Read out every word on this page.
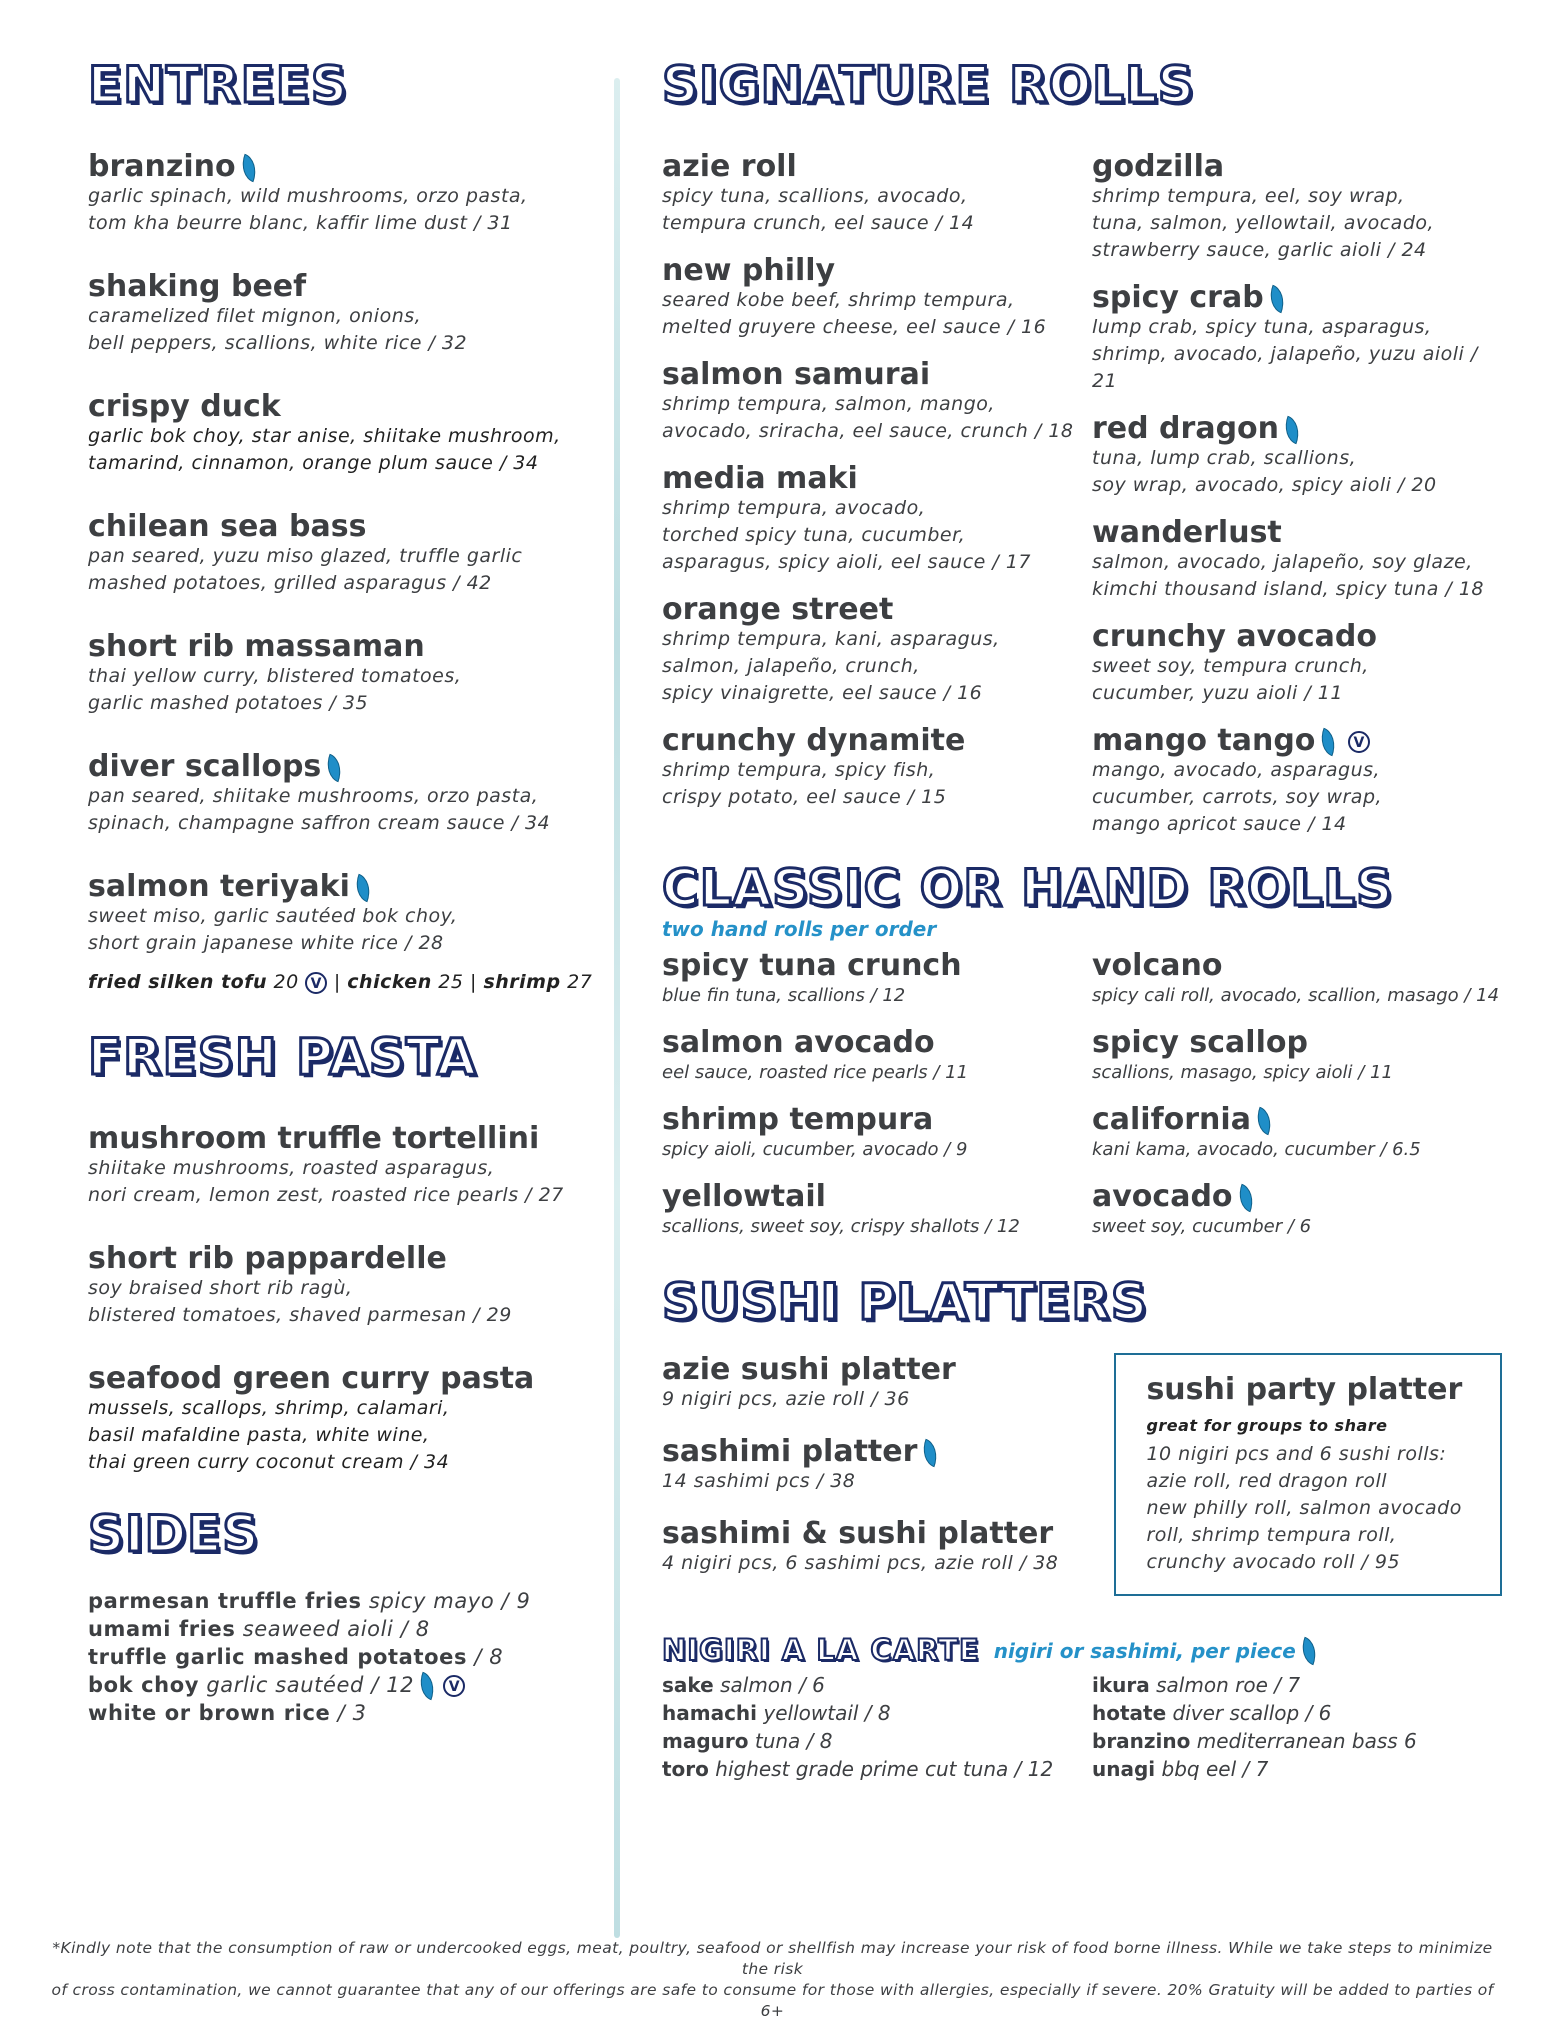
ENTREES
branzino
garlic spinach, wild mushrooms, orzo pasta,
tom kha beurre blanc, kaffir lime dust / 31
shaking beef
caramelized filet mignon, onions,
bell peppers, scallions, white rice / 32
crispy duck
garlic bok choy, star anise, shiitake mushroom,
tamarind, cinnamon, orange plum sauce / 34
chilean sea bass
pan seared, yuzu miso glazed, truffle garlic
mashed potatoes, grilled asparagus / 42
short rib massaman
thai yellow curry, blistered tomatoes,
garlic mashed potatoes / 35
diver scallops
pan seared, shiitake mushrooms, orzo pasta,
spinach, champagne saffron cream sauce / 34
salmon teriyaki
sweet miso, garlic sautéed bok choy,
short grain japanese white rice / 28
fried silken tofu 20 V | chicken 25 | shrimp 27
FRESH PASTA
mushroom truffle tortellini
shiitake mushrooms, roasted asparagus,
nori cream, lemon zest, roasted rice pearls / 27
short rib pappardelle
soy braised short rib ragù,
blistered tomatoes, shaved parmesan / 29
seafood green curry pasta
mussels, scallops, shrimp, calamari,
basil mafaldine pasta, white wine,
thai green curry coconut cream / 34
SIDES
parmesan truffle fries spicy mayo / 9
umami fries seaweed aioli / 8
truffle garlic mashed potatoes / 8
bok choy garlic sautéed / 12 V
white or brown rice / 3
SIGNATURE ROLLS
azie roll
spicy tuna, scallions, avocado,
tempura crunch, eel sauce / 14
new philly
seared kobe beef, shrimp tempura,
melted gruyere cheese, eel sauce / 16
salmon samurai
shrimp tempura, salmon, mango,
avocado, sriracha, eel sauce, crunch / 18
media maki
shrimp tempura, avocado,
torched spicy tuna, cucumber,
asparagus, spicy aioli, eel sauce / 17
orange street
shrimp tempura, kani, asparagus,
salmon, jalapeño, crunch,
spicy vinaigrette, eel sauce / 16
crunchy dynamite
shrimp tempura, spicy fish,
crispy potato, eel sauce / 15
godzilla
shrimp tempura, eel, soy wrap,
tuna, salmon, yellowtail, avocado,
strawberry sauce, garlic aioli / 24
spicy crab
lump crab, spicy tuna, asparagus,
shrimp, avocado, jalapeño, yuzu aioli / 21
red dragon
tuna, lump crab, scallions,
soy wrap, avocado, spicy aioli / 20
wanderlust
salmon, avocado, jalapeño, soy glaze,
kimchi thousand island, spicy tuna / 18
crunchy avocado
sweet soy, tempura crunch,
cucumber, yuzu aioli / 11
mango tango	V
mango, avocado, asparagus,
cucumber, carrots, soy wrap,
mango apricot sauce / 14
CLASSIC OR HAND ROLLS
two hand rolls per order
spicy tuna crunch
blue fin tuna, scallions / 12
salmon avocado
eel sauce, roasted rice pearls / 11
shrimp tempura
spicy aioli, cucumber, avocado / 9
yellowtail
scallions, sweet soy, crispy shallots / 12
volcano
spicy cali roll, avocado, scallion, masago / 14
spicy scallop
scallions, masago, spicy aioli / 11
california
kani kama, avocado, cucumber / 6.5
avocado
sweet soy, cucumber / 6
SUSHI PLATTERS
azie sushi platter
9 nigiri pcs, azie roll / 36
sashimi platter
14 sashimi pcs / 38
sashimi & sushi platter
4 nigiri pcs, 6 sashimi pcs, azie roll / 38
sushi party platter
great for groups to share
10 nigiri pcs and 6 sushi rolls:
azie roll, red dragon roll
new philly roll, salmon avocado
roll, shrimp tempura roll,
crunchy avocado roll / 95
NIGIRI A LA CARTE nigiri or sashimi, per piece
sake salmon / 6
hamachi yellowtail / 8
maguro tuna / 8
toro highest grade prime cut tuna / 12
ikura salmon roe / 7
hotate diver scallop / 6
branzino mediterranean bass 6
unagi bbq eel / 7
*Kindly note that the consumption of raw or undercooked eggs, meat, poultry, seafood or shellfish may increase your risk of food borne illness. While we take steps to minimize the risk
of cross contamination, we cannot guarantee that any of our offerings are safe to consume for those with allergies, especially if severe. 20% Gratuity will be added to parties of 6+
